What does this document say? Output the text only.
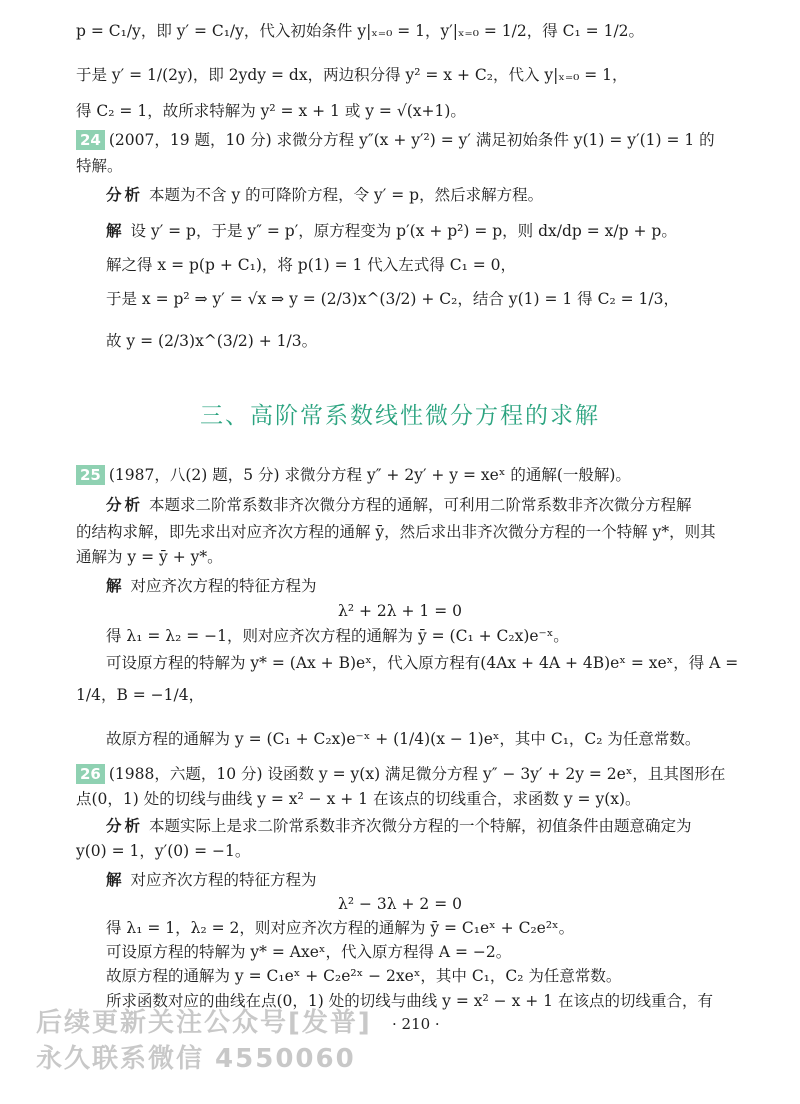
p = C₁/y，即 y′ = C₁/y，代入初始条件 y|ₓ₌₀ = 1，y′|ₓ₌₀ = 1/2，得 C₁ = 1/2。
于是 y′ = 1/(2y)，即 2ydy = dx，两边积分得 y² = x + C₂，代入 y|ₓ₌₀ = 1，
得 C₂ = 1，故所求特解为 y² = x + 1 或 y = √(x+1)。
24 (2007，19 题，10 分) 求微分方程 y″(x + y′²) = y′ 满足初始条件 y(1) = y′(1) = 1 的
特解。
分析 本题为不含 y 的可降阶方程，令 y′ = p，然后求解方程。
解 设 y′ = p，于是 y″ = p′，原方程变为 p′(x + p²) = p，则 dx/dp = x/p + p。
解之得 x = p(p + C₁)，将 p(1) = 1 代入左式得 C₁ = 0，
于是 x = p² ⇒ y′ = √x ⇒ y = (2/3)x^(3/2) + C₂，结合 y(1) = 1 得 C₂ = 1/3，
故 y = (2/3)x^(3/2) + 1/3。
三、高阶常系数线性微分方程的求解
25 (1987，八(2) 题，5 分) 求微分方程 y″ + 2y′ + y = xeˣ 的通解(一般解)。
分析 本题求二阶常系数非齐次微分方程的通解，可利用二阶常系数非齐次微分方程解
的结构求解，即先求出对应齐次方程的通解 ȳ，然后求出非齐次微分方程的一个特解 y*，则其
通解为 y = ȳ + y*。
解 对应齐次方程的特征方程为
λ² + 2λ + 1 = 0
得 λ₁ = λ₂ = −1，则对应齐次方程的通解为 ȳ = (C₁ + C₂x)e⁻ˣ。
可设原方程的特解为 y* = (Ax + B)eˣ，代入原方程有(4Ax + 4A + 4B)eˣ = xeˣ，得 A =
1/4，B = −1/4，
故原方程的通解为 y = (C₁ + C₂x)e⁻ˣ + (1/4)(x − 1)eˣ，其中 C₁，C₂ 为任意常数。
26 (1988，六题，10 分) 设函数 y = y(x) 满足微分方程 y″ − 3y′ + 2y = 2eˣ，且其图形在
点(0，1) 处的切线与曲线 y = x² − x + 1 在该点的切线重合，求函数 y = y(x)。
分析 本题实际上是求二阶常系数非齐次微分方程的一个特解，初值条件由题意确定为
y(0) = 1，y′(0) = −1。
解 对应齐次方程的特征方程为
λ² − 3λ + 2 = 0
得 λ₁ = 1，λ₂ = 2，则对应齐次方程的通解为 ȳ = C₁eˣ + C₂e²ˣ。
可设原方程的特解为 y* = Axeˣ，代入原方程得 A = −2。
故原方程的通解为 y = C₁eˣ + C₂e²ˣ − 2xeˣ，其中 C₁，C₂ 为任意常数。
所求函数对应的曲线在点(0，1) 处的切线与曲线 y = x² − x + 1 在该点的切线重合，有
· 210 ·
后续更新关注公众号[发普]
永久联系微信 4550060
